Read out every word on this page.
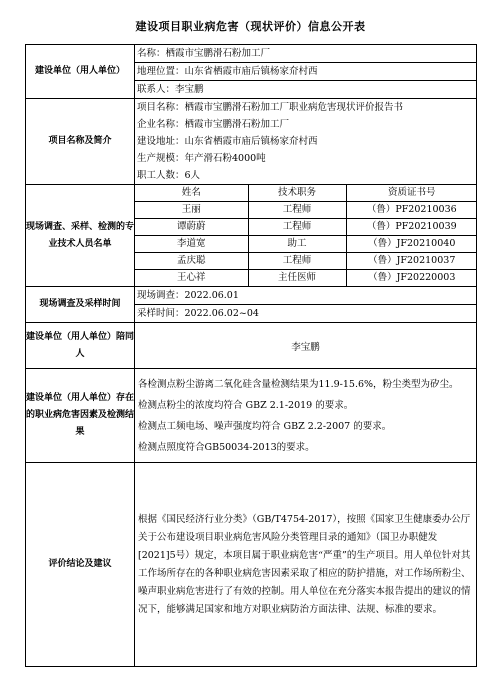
建设项目职业病危害（现状评价）信息公开表
建设单位（用人单位）	
名称：栖霞市宝鹏滑石粉加工厂
地理位置：山东省栖霞市庙后镇杨家夼村西
联系人：李宝鹏

项目名称及简介	
项目名称：栖霞市宝鹏滑石粉加工厂职业病危害现状评价报告书
企业名称：栖霞市宝鹏滑石粉加工厂
建设地址：山东省栖霞市庙后镇杨家夼村西
生产规模：年产滑石粉4000吨
职工人数：6人

现场调查、采样、检测的专业技术人员名单	
姓名	技术职务	资质证书号
王丽	工程师	（鲁）PF20210036
谭蔚蔚	工程师	（鲁）PF20210039
李道宽	助工	（鲁）JF20210040
孟庆聪	工程师	（鲁）JF20210037
王心祥	主任医师	（鲁）JF20220003

现场调查及采样时间	
现场调查：2022.06.01
采样时间：2022.06.02~04

建设单位（用人单位）陪同人	李宝鹏
建设单位（用人单位）存在的职业病危害因素及检测结果	
各检测点粉尘游离二氧化硅含量检测结果为11.9-15.6%，粉尘类型为矽尘。
检测点粉尘的浓度均符合 GBZ 2.1-2019 的要求。
检测点工频电场、噪声强度均符合 GBZ 2.2-2007 的要求。
检测点照度符合GB50034-2013的要求。

评价结论及建议	
根据《国民经济行业分类》（GB/T4754-2017），按照《国家卫生健康委办公厅关于公布建设项目职业病危害风险分类管理目录的通知》（国卫办职健发[2021]5号）规定，本项目属于职业病危害“严重”的生产项目。用人单位针对其工作场所存在的各种职业病危害因素采取了相应的防护措施，对工作场所粉尘、噪声职业病危害进行了有效的控制。用人单位在充分落实本报告提出的建议的情况下，能够满足国家和地方对职业病防治方面法律、法规、标准的要求。
